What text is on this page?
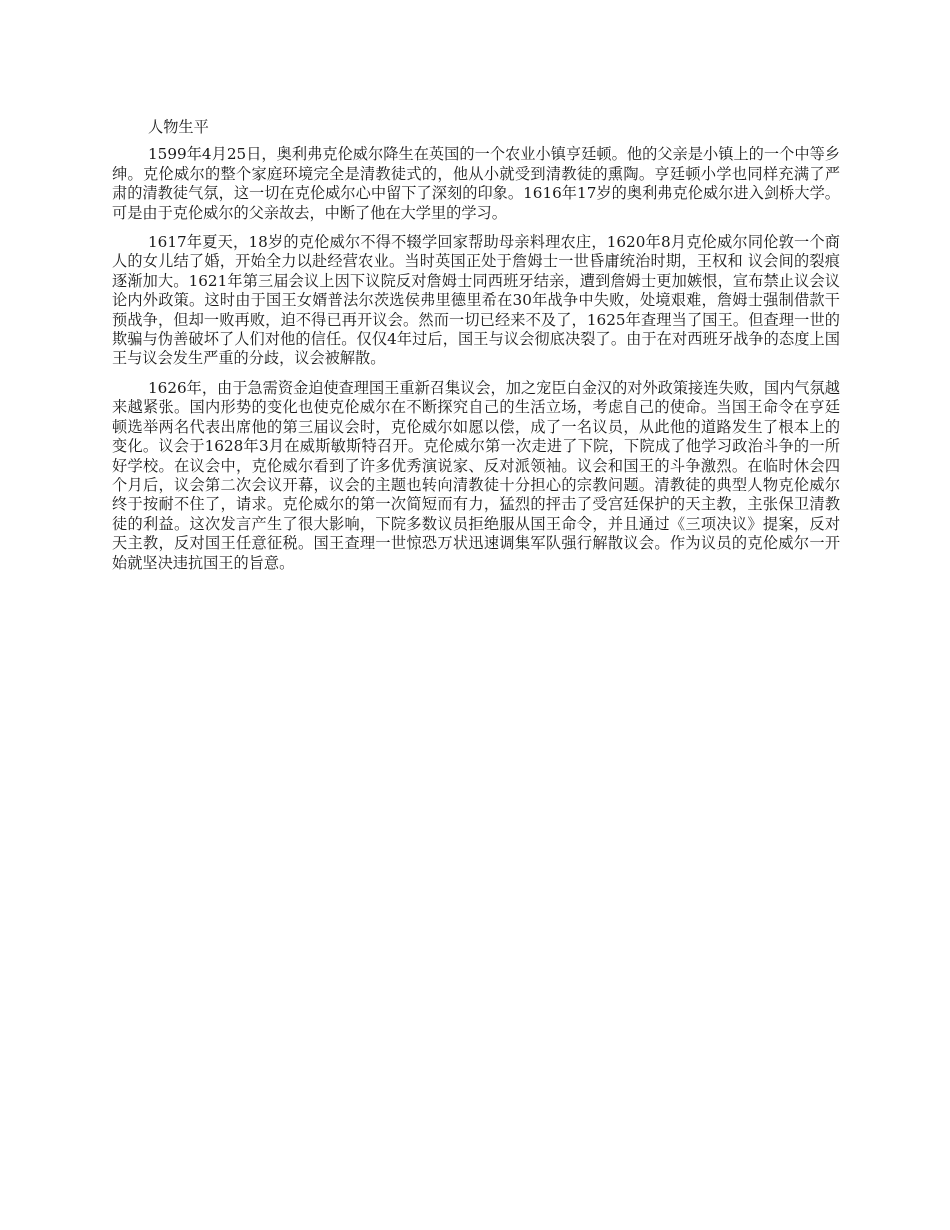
人物生平

1599年4月25日，奥利弗克伦威尔降生在英国的一个农业小镇亨廷顿。他的父亲是小镇上的一个中等乡绅。克伦威尔的整个家庭环境完全是清教徒式的，他从小就受到清教徒的熏陶。亨廷顿小学也同样充满了严肃的清教徒气氛，这一切在克伦威尔心中留下了深刻的印象。1616年17岁的奥利弗克伦威尔进入剑桥大学。可是由于克伦威尔的父亲故去，中断了他在大学里的学习。

1617年夏天，18岁的克伦威尔不得不辍学回家帮助母亲料理农庄，1620年8月克伦威尔同伦敦一个商人的女儿结了婚，开始全力以赴经营农业。当时英国正处于詹姆士一世昏庸统治时期，王权和 议会间的裂痕逐渐加大。1621年第三届会议上因下议院反对詹姆士同西班牙结亲，遭到詹姆士更加嫉恨，宣布禁止议会议论内外政策。这时由于国王女婿普法尔茨选侯弗里德里希在30年战争中失败，处境艰难，詹姆士强制借款干预战争，但却一败再败，迫不得已再开议会。然而一切已经来不及了，1625年查理当了国王。但查理一世的欺骗与伪善破坏了人们对他的信任。仅仅4年过后，国王与议会彻底决裂了。由于在对西班牙战争的态度上国王与议会发生严重的分歧，议会被解散。

1626年，由于急需资金迫使查理国王重新召集议会，加之宠臣白金汉的对外政策接连失败，国内气氛越来越紧张。国内形势的变化也使克伦威尔在不断探究自己的生活立场，考虑自己的使命。当国王命令在亨廷顿选举两名代表出席他的第三届议会时，克伦威尔如愿以偿，成了一名议员，从此他的道路发生了根本上的变化。议会于1628年3月在威斯敏斯特召开。克伦威尔第一次走进了下院，下院成了他学习政治斗争的一所好学校。在议会中，克伦威尔看到了许多优秀演说家、反对派领袖。议会和国王的斗争激烈。在临时休会四个月后，议会第二次会议开幕，议会的主题也转向清教徒十分担心的宗教问题。清教徒的典型人物克伦威尔终于按耐不住了，请求。克伦威尔的第一次简短而有力，猛烈的抨击了受宫廷保护的天主教，主张保卫清教徒的利益。这次发言产生了很大影响，下院多数议员拒绝服从国王命令，并且通过《三项决议》提案，反对天主教，反对国王任意征税。国王查理一世惊恐万状迅速调集军队强行解散议会。作为议员的克伦威尔一开始就坚决违抗国王的旨意。
